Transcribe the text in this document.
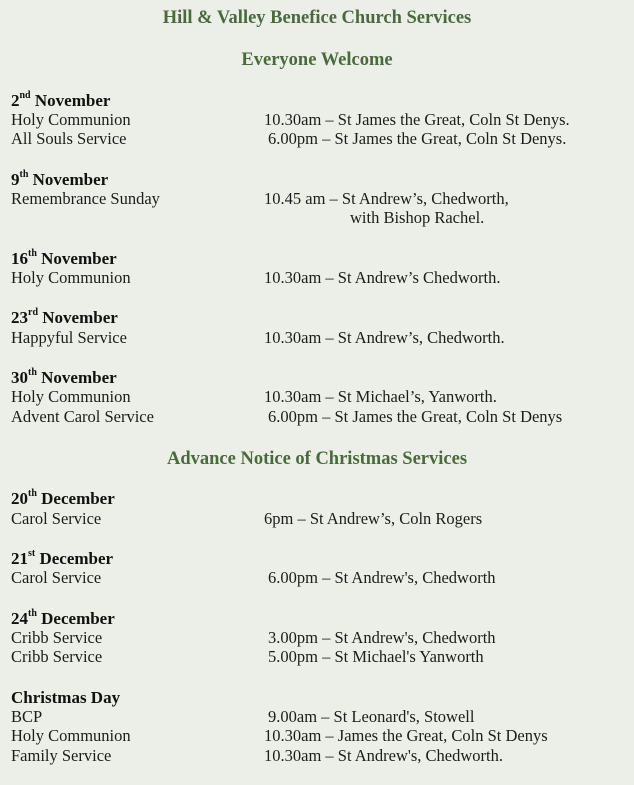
Hill & Valley Benefice Church Services
Everyone Welcome
2nd November
Holy Communion	10.30am – St James the Great, Coln St Denys.
All Souls Service	6.00pm – St James the Great, Coln St Denys.
9th November
Remembrance Sunday	10.45 am – St Andrew’s, Chedworth,
with Bishop Rachel.
16th November
Holy Communion	10.30am – St Andrew’s Chedworth.
23rd November
Happyful Service	10.30am – St Andrew’s, Chedworth.
30th November
Holy Communion	10.30am – St Michael’s, Yanworth.
Advent Carol Service	6.00pm – St James the Great, Coln St Denys
Advance Notice of Christmas Services
20th December
Carol Service	6pm – St Andrew’s, Coln Rogers
21st December
Carol Service	6.00pm – St Andrew's, Chedworth
24th December
Cribb Service	3.00pm – St Andrew's, Chedworth
Cribb Service	5.00pm – St Michael's Yanworth
Christmas Day
BCP	9.00am – St Leonard's, Stowell
Holy Communion	10.30am – James the Great, Coln St Denys
Family Service	10.30am – St Andrew's, Chedworth.
